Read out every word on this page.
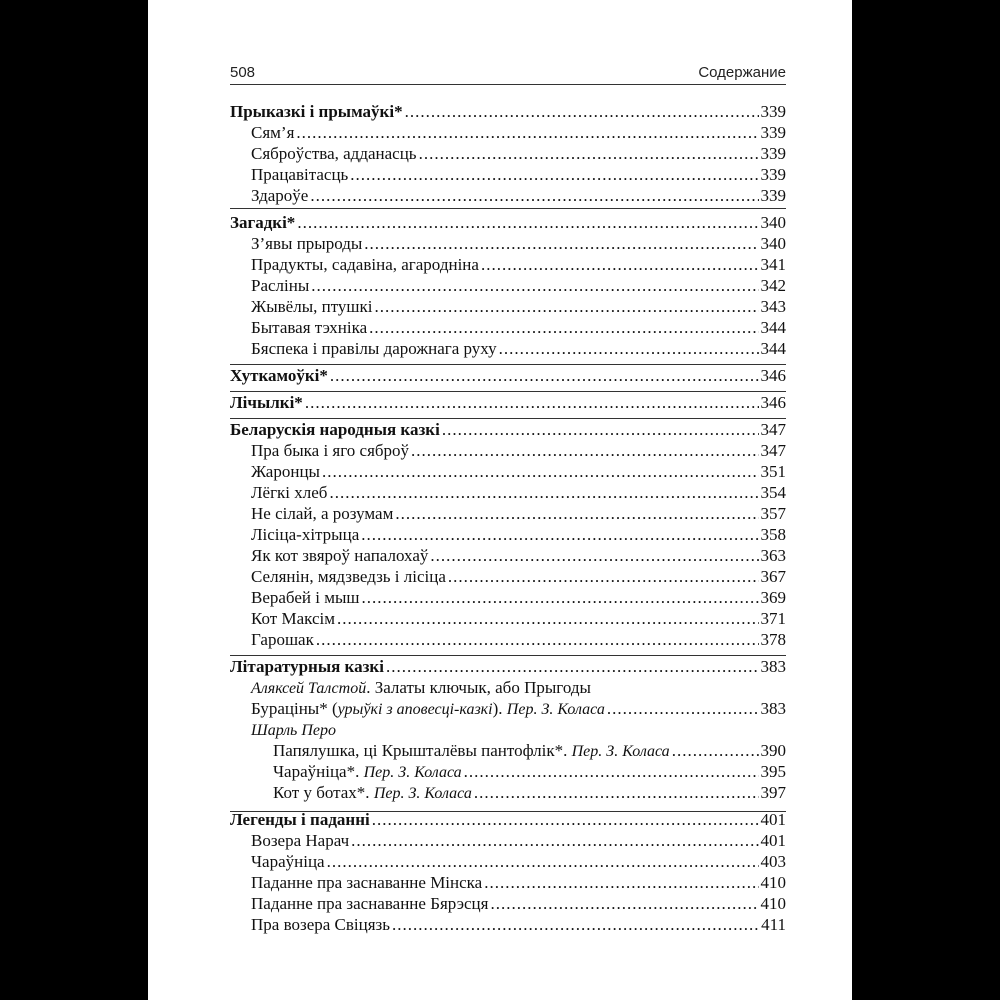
508	Содержание
Прыказкі і прымаўкі* .....	339
Сям’я .....	339
Сяброўства, адданасць .....	339
Працавітасць .....	339
Здароўе .....	339
Загадкі* .....	340
З’явы прыроды .....	340
Прадукты, садавіна, агародніна .....	341
Расліны .....	342
Жывёлы, птушкі .....	343
Бытавая тэхніка .....	344
Бяспека і правілы дарожнага руху .....	344
Хуткамоўкі* .....	346
Лічылкі* .....	346
Беларускія народныя казкі .....	347
Пра быка і яго сяброў .....	347
Жаронцы .....	351
Лёгкі хлеб .....	354
Не сілай, а розумам .....	357
Лісіца-хітрыца .....	358
Як кот звяроў напалохаў .....	363
Селянін, мядзведзь і лісіца .....	367
Верабей і мыш .....	369
Кот Максім .....	371
Гарошак .....	378
Літаратурныя казкі .....	383
Аляксей Талстой. Залаты ключык, або Прыгоды
Бураціны* (урыўкі з аповесці-казкі). Пер. З. Коласа .....	383
Шарль Перо
Папялушка, ці Крышталёвы пантофлік*. Пер. З. Коласа .....	390
Чараўніца*. Пер. З. Коласа .....	395
Кот у ботах*. Пер. З. Коласа .....	397
Легенды і паданні .....	401
Возера Нарач .....	401
Чараўніца .....	403
Паданне пра заснаванне Мінска .....	410
Паданне пра заснаванне Бярэсця .....	410
Пра возера Свіцязь .....	411
